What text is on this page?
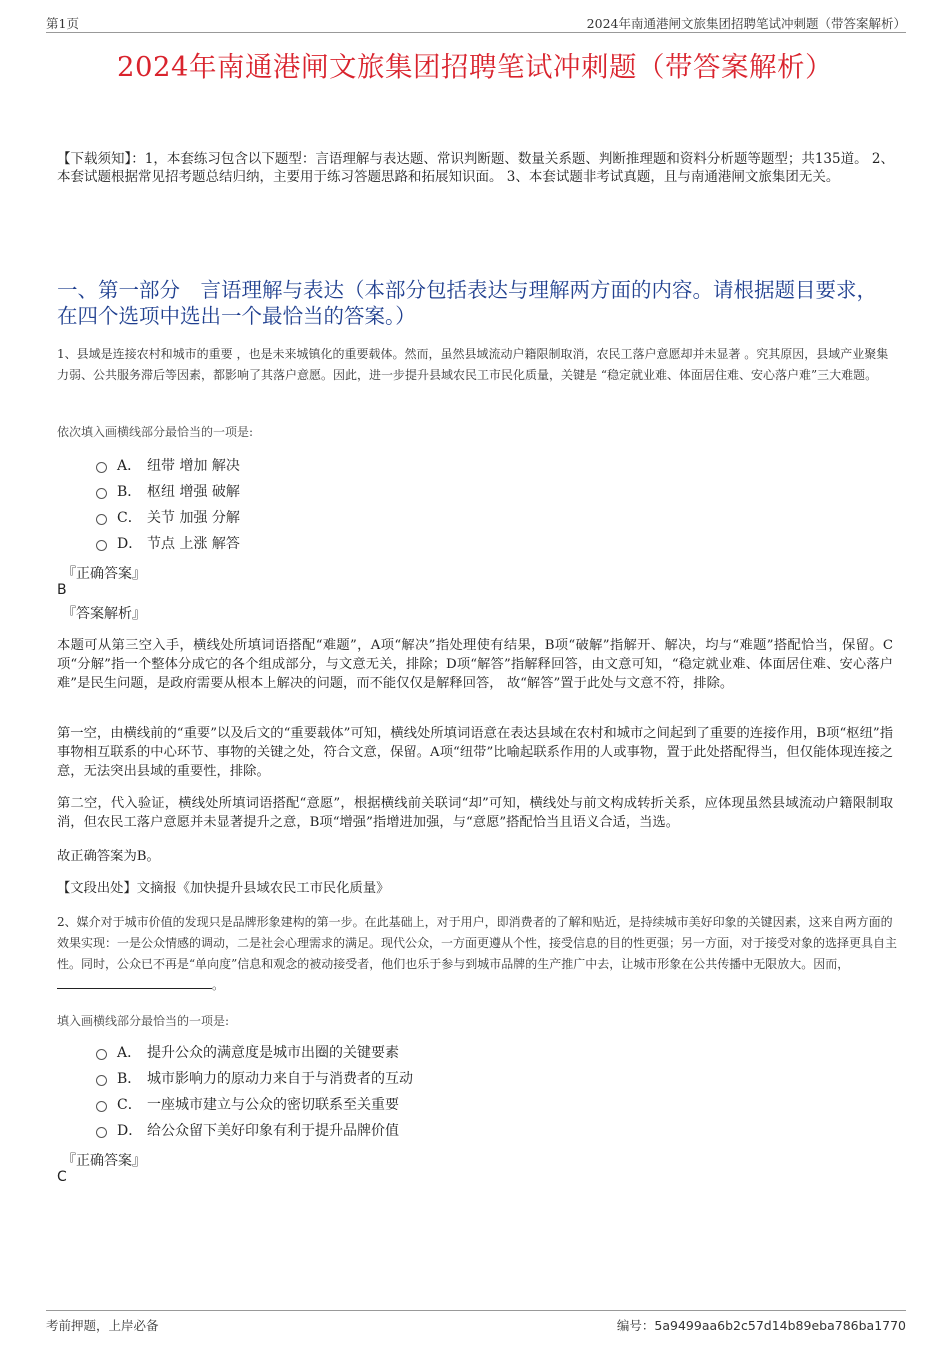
第1页	2024年南通港闸文旅集团招聘笔试冲刺题（带答案解析）
2024年南通港闸文旅集团招聘笔试冲刺题（带答案解析）
【下载须知】：1，本套练习包含以下题型：言语理解与表达题、常识判断题、数量关系题、判断推理题和资料分析题等题型；共135道。 2、本套试题根据常见招考题总结归纳，主要用于练习答题思路和拓展知识面。 3、本套试题非考试真题，且与南通港闸文旅集团无关。
一、第一部分　言语理解与表达（本部分包括表达与理解两方面的内容。请根据题目要求，在四个选项中选出一个最恰当的答案。）
1、县域是连接农村和城市的重要 ，也是未来城镇化的重要载体。然而，虽然县域流动户籍限制取消，农民工落户意愿却并未显著 。究其原因，县域产业聚集力弱、公共服务滞后等因素，都影响了其落户意愿。因此，进一步提升县域农民工市民化质量，关键是 “稳定就业难、体面居住难、安心落户难”三大难题。
依次填入画横线部分最恰当的一项是:
A． 纽带 增加 解决
B． 枢纽 增强 破解
C． 关节 加强 分解
D． 节点 上涨 解答
『正确答案』
B
『答案解析』
本题可从第三空入手，横线处所填词语搭配“难题”，A项“解决”指处理使有结果，B项“破解”指解开、解决，均与“难题”搭配恰当，保留。C项“分解”指一个整体分成它的各个组成部分，与文意无关，排除；D项“解答”指解释回答，由文意可知，“稳定就业难、体面居住难、安心落户难”是民生问题，是政府需要从根本上解决的问题，而不能仅仅是解释回答， 故“解答”置于此处与文意不符，排除。
第一空，由横线前的“重要”以及后文的“重要载体”可知，横线处所填词语意在表达县域在农村和城市之间起到了重要的连接作用，B项“枢纽”指事物相互联系的中心环节、事物的关键之处，符合文意，保留。A项“纽带”比喻起联系作用的人或事物，置于此处搭配得当，但仅能体现连接之意，无法突出县域的重要性，排除。
第二空，代入验证，横线处所填词语搭配“意愿”，根据横线前关联词“却”可知，横线处与前文构成转折关系，应体现虽然县域流动户籍限制取消，但农民工落户意愿并未显著提升之意，B项“增强”指增进加强，与“意愿”搭配恰当且语义合适，当选。
故正确答案为B。
【文段出处】文摘报《加快提升县域农民工市民化质量》
2、媒介对于城市价值的发现只是品牌形象建构的第一步。在此基础上，对于用户，即消费者的了解和贴近，是持续城市美好印象的关键因素，这来自两方面的效果实现：一是公众情感的调动，二是社会心理需求的满足。现代公众，一方面更遵从个性，接受信息的目的性更强；另一方面，对于接受对象的选择更具自主性。同时，公众已不再是“单向度”信息和观念的被动接受者，他们也乐于参与到城市品牌的生产推广中去，让城市形象在公共传播中无限放大。因而，。
填入画横线部分最恰当的一项是:
A． 提升公众的满意度是城市出圈的关键要素
B． 城市影响力的原动力来自于与消费者的互动
C． 一座城市建立与公众的密切联系至关重要
D． 给公众留下美好印象有利于提升品牌价值
『正确答案』
C
考前押题，上岸必备	编号：5a9499aa6b2c57d14b89eba786ba1770
